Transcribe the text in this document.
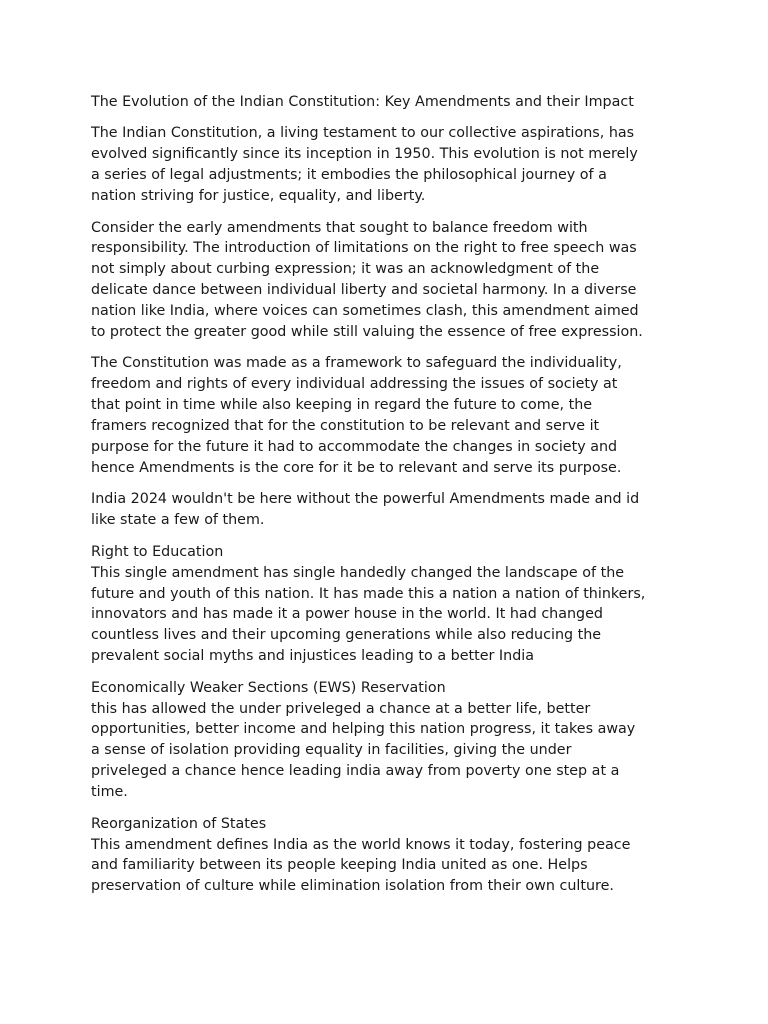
The Evolution of the Indian Constitution: Key Amendments and their Impact

The Indian Constitution, a living testament to our collective aspirations, has
evolved significantly since its inception in 1950. This evolution is not merely
a series of legal adjustments; it embodies the philosophical journey of a
nation striving for justice, equality, and liberty.

Consider the early amendments that sought to balance freedom with
responsibility. The introduction of limitations on the right to free speech was
not simply about curbing expression; it was an acknowledgment of the
delicate dance between individual liberty and societal harmony. In a diverse
nation like India, where voices can sometimes clash, this amendment aimed
to protect the greater good while still valuing the essence of free expression.

The Constitution was made as a framework to safeguard the individuality,
freedom and rights of every individual addressing the issues of society at
that point in time while also keeping in regard the future to come, the
framers recognized that for the constitution to be relevant and serve it
purpose for the future it had to accommodate the changes in society and
hence Amendments is the core for it be to relevant and serve its purpose.

India 2024 wouldn't be here without the powerful Amendments made and id
like state a few of them.

Right to Education

This single amendment has single handedly changed the landscape of the
future and youth of this nation. It has made this a nation a nation of thinkers,
innovators and has made it a power house in the world. It had changed
countless lives and their upcoming generations while also reducing the
prevalent social myths and injustices leading to a better India

Economically Weaker Sections (EWS) Reservation

this has allowed the under priveleged a chance at a better life, better
opportunities, better income and helping this nation progress, it takes away
a sense of isolation providing equality in facilities, giving the under
priveleged a chance hence leading india away from poverty one step at a
time.

Reorganization of States

This amendment defines India as the world knows it today, fostering peace
and familiarity between its people keeping India united as one. Helps
preservation of culture while elimination isolation from their own culture.
